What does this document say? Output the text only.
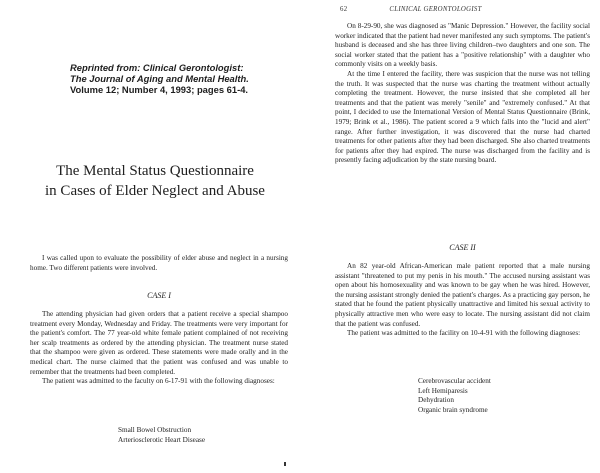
Reprinted from: Clinical Gerontologist:
The Journal of Aging and Mental Health.
Volume 12; Number 4, 1993; pages 61-4.
The Mental Status Questionnaire
in Cases of Elder Neglect and Abuse

I was called upon to evaluate the possibility of elder abuse and neglect in a nursing home. Two different patients were involved.

CASE I

The attending physician had given orders that a patient receive a special shampoo treatment every Monday, Wednesday and Friday. The treatments were very important for the patient's comfort. The 77 year-old white female patient complained of not receiving her scalp treatments as ordered by the attending physician. The treatment nurse stated that the shampoo were given as ordered. These statements were made orally and in the medical chart. The nurse claimed that the patient was confused and was unable to remember that the treatments had been completed.

The patient was admitted to the faculty on 6-17-91 with the following diagnoses:

Small Bowel Obstruction
Arteriosclerotic Heart Disease
62	CLINICAL GERONTOLOGIST

On 8-29-90, she was diagnosed as "Manic Depression." However, the facility social worker indicated that the patient had never manifested any such symptoms. The patient's husband is deceased and she has three living children–two daughters and one son. The social worker stated that the patient has a "positive relationship" with a daughter who commonly visits on a weekly basis.

At the time I entered the facility, there was suspicion that the nurse was not telling the truth. It was suspected that the nurse was charting the treatment without actually completing the treatment. However, the nurse insisted that she completed all her treatments and that the patient was merely "senile" and "extremely confused." At that point, I decided to use the International Version of Mental Status Questionnaire (Brink, 1979; Brink et al., 1986). The patient scored a 9 which falls into the "lucid and alert" range. After further investigation, it was discovered that the nurse had charted treatments for other patients after they had been discharged. She also charted treatments for patients after they had expired. The nurse was discharged from the facility and is presently facing adjudication by the state nursing board.

CASE II

An 82 year-old African-American male patient reported that a male nursing assistant "threatened to put my penis in his mouth." The accused nursing assistant was open about his homosexuality and was known to be gay when he was hired. However, the nursing assistant strongly denied the patient's charges. As a practicing gay person, he stated that he found the patient physically unattractive and limited his sexual activity to physically attractive men who were easy to locate. The nursing assistant did not claim that the patient was confused.

The patient was admitted to the facility on 10-4-91 with the following diagnoses:

Cerebrovascular accident
Left Hemiparesis
Dehydration
Organic brain syndrome
